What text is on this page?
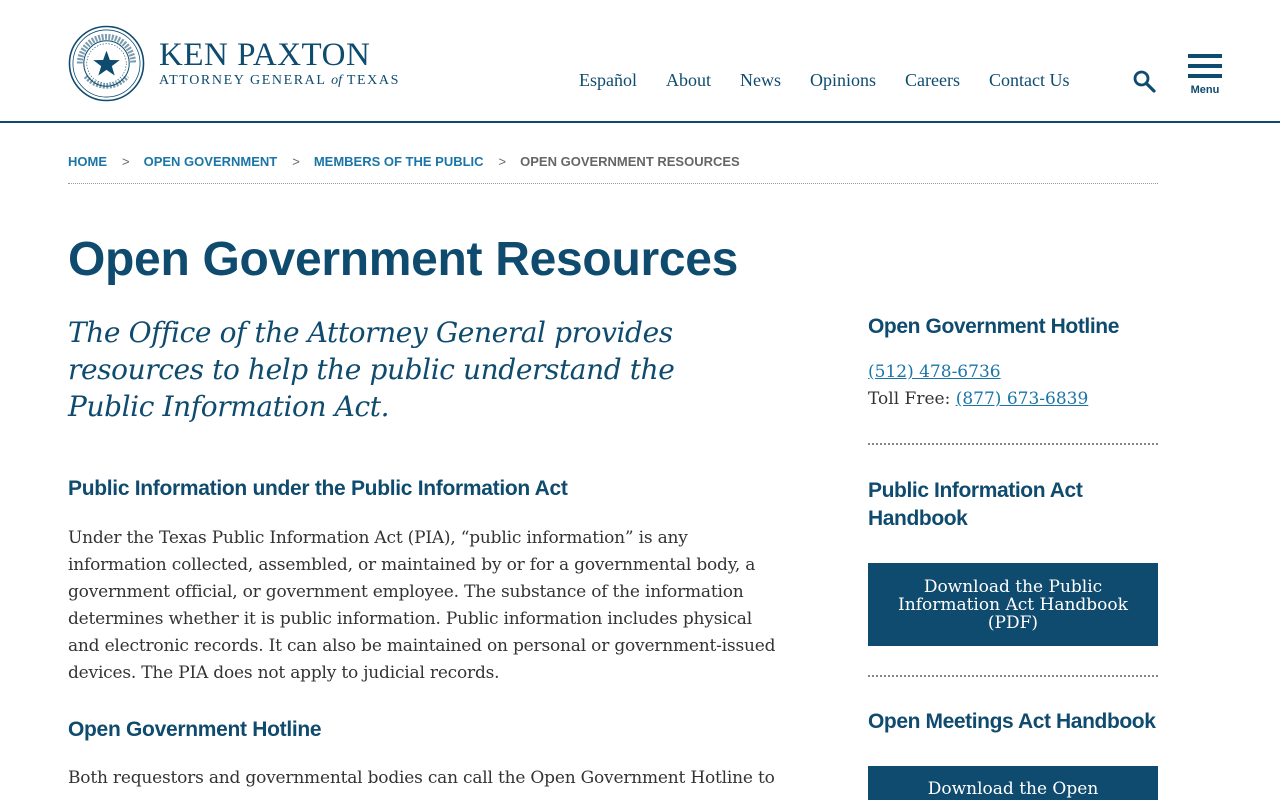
KEN PAXTON
ATTORNEY GENERAL of TEXAS	Español About News Opinions Careers Contact Us	Menu
HOME > OPEN GOVERNMENT > MEMBERS OF THE PUBLIC > OPEN GOVERNMENT RESOURCES
Open Government Resources

The Office of the Attorney General provides resources to help the public understand the Public Information Act.

Public Information under the Public Information Act

Under the Texas Public Information Act (PIA), “public information” is any information collected, assembled, or maintained by or for a governmental body, a government official, or government employee. The substance of the information determines whether it is public information. Public information includes physical and electronic records. It can also be maintained on personal or government-issued devices. The PIA does not apply to judicial records.

Open Government Hotline

Both requestors and governmental bodies can call the Open Government Hotline to

Open Government Hotline
(512) 478-6736
Toll Free: (877) 673-6839
Public Information Act Handbook
Download the Public Information Act Handbook (PDF)
Open Meetings Act Handbook
Download the Open
